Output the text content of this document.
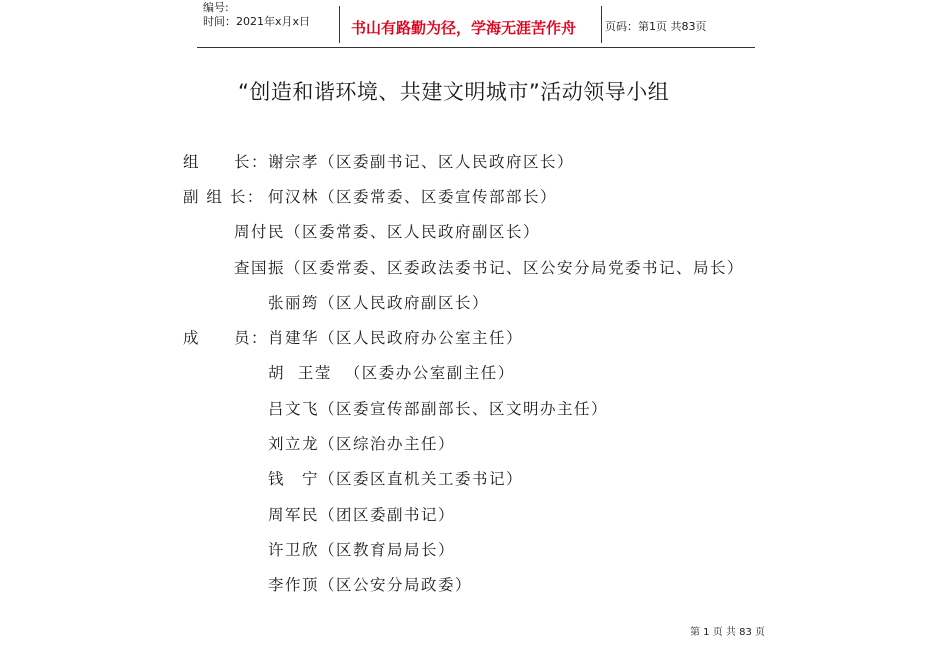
编号:
时间：2021年x月x日	书山有路勤为径，学海无涯苦作舟	页码：第1页 共83页
“创造和谐环境、共建文明城市”活动领导小组
组　　长： 谢宗孝（区委副书记、区人民政府区长）
副 组 长： 何汉林（区委常委、区委宣传部部长）
周付民（区委常委、区人民政府副区长）
查国振（区委常委、区委政法委书记、区公安分局党委书记、局长）
张丽筠（区人民政府副区长）
成　　员： 肖建华（区人民政府办公室主任）
胡  王莹  （区委办公室副主任）
吕文飞（区委宣传部副部长、区文明办主任）
刘立龙（区综治办主任）
钱　宁（区委区直机关工委书记）
周军民（团区委副书记）
许卫欣（区教育局局长）
李作顶（区公安分局政委）
第 1 页 共 83 页
